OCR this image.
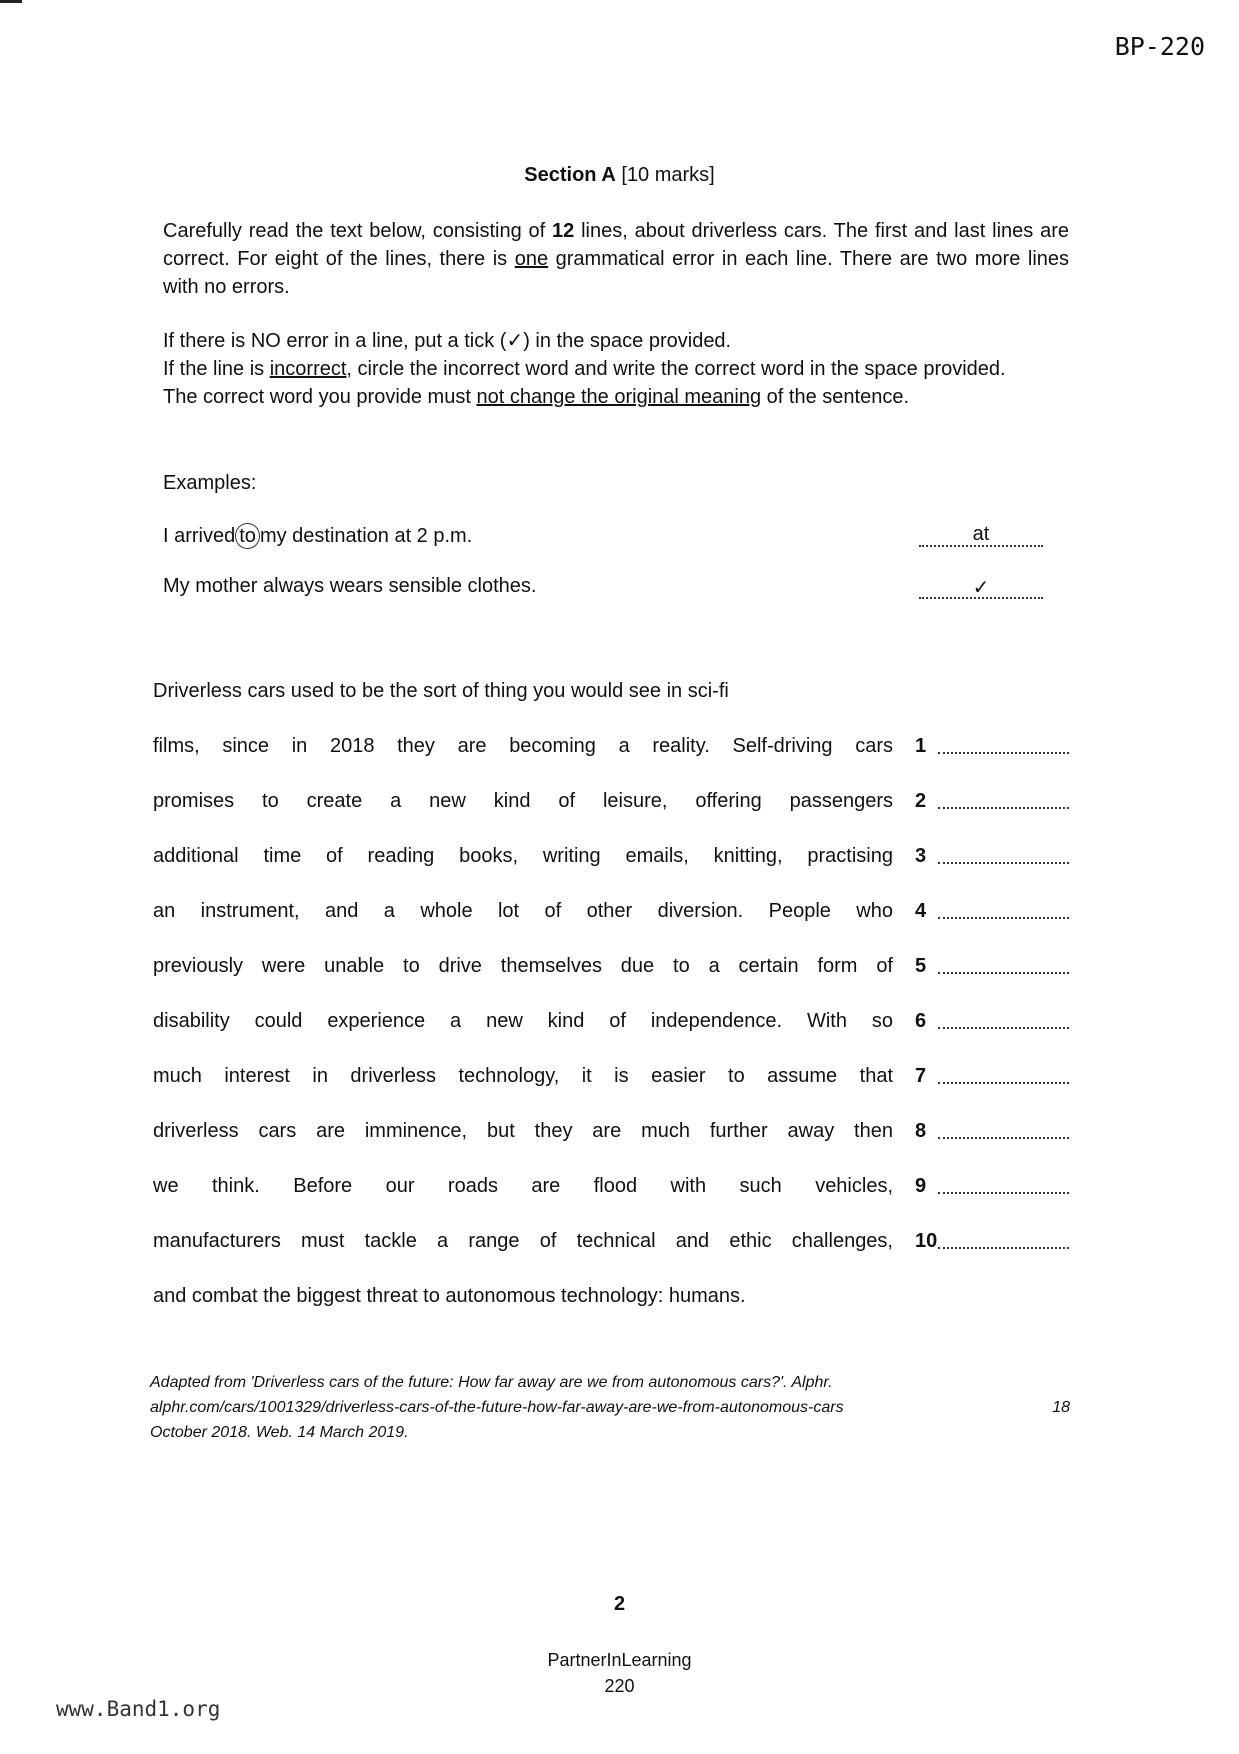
BP-220
Section A [10 marks]
Carefully read the text below, consisting of 12 lines, about driverless cars. The first and last lines are correct. For eight of the lines, there is one grammatical error in each line. There are two more lines with no errors.
If there is NO error in a line, put a tick (✓) in the space provided.
If the line is incorrect, circle the incorrect word and write the correct word in the space provided.
The correct word you provide must not change the original meaning of the sentence.
Examples:
I arrived to my destination at 2 p.m.	at
My mother always wears sensible clothes.	✓
Driverless cars used to be the sort of thing you would see in sci-fi
films, since in 2018 they are becoming a reality. Self-driving cars 1
promises to create a new kind of leisure, offering passengers 2
additional time of reading books, writing emails, knitting, practising 3
an instrument, and a whole lot of other diversion. People who 4
previously were unable to drive themselves due to a certain form of 5
disability could experience a new kind of independence. With so 6
much interest in driverless technology, it is easier to assume that 7
driverless cars are imminence, but they are much further away then 8
we think. Before our roads are flood with such vehicles, 9
manufacturers must tackle a range of technical and ethic challenges, 10
and combat the biggest threat to autonomous technology: humans.
Adapted from 'Driverless cars of the future: How far away are we from autonomous cars?'. Alphr.
alphr.com/cars/1001329/driverless-cars-of-the-future-how-far-away-are-we-from-autonomous-cars	18
October 2018. Web. 14 March 2019.
2
PartnerInLearning
220
www.Band1.org
